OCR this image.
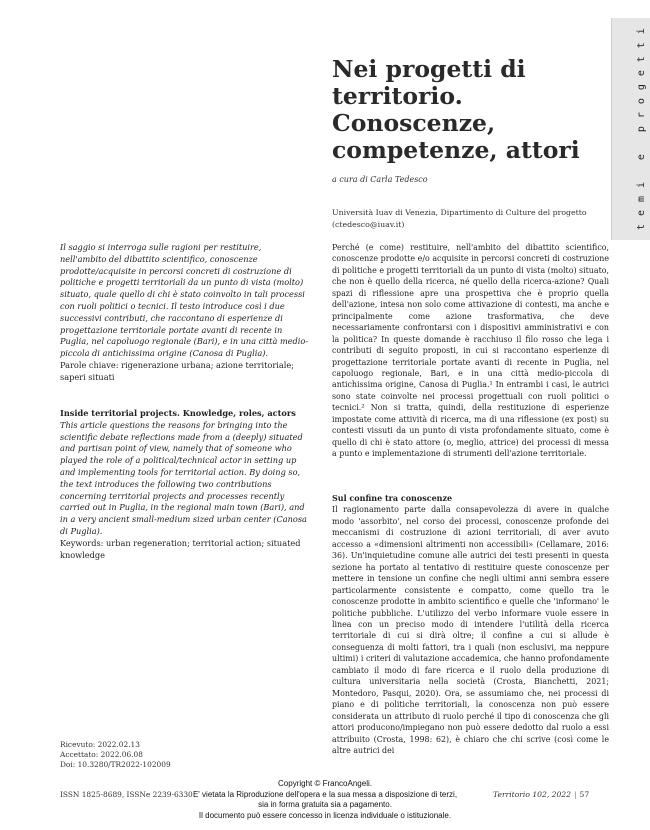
t
e
m
i

e

p
r
o
g
e
t
t
i
Nei progetti di territorio. Conoscenze, competenze, attori
a cura di Carla Tedesco
Università Iuav di Venezia, Dipartimento di Culture del progetto (ctedesco@iuav.it)

Il saggio si interroga sulle ragioni per restituire, nell'ambito del dibattito scientifico, conoscenze prodotte/acquisite in percorsi concreti di costruzione di politiche e progetti territoriali da un punto di vista (molto) situato, quale quello di chi è stato coinvolto in tali processi con ruoli politici o tecnici. Il testo introduce così i due successivi contributi, che raccontano di esperienze di progettazione territoriale portate avanti di recente in Puglia, nel capoluogo regionale (Bari), e in una città medio-piccola di antichissima origine (Canosa di Puglia).

Parole chiave: rigenerazione urbana; azione territoriale; saperi situati

Inside territorial projects. Knowledge, roles, actors

This article questions the reasons for bringing into the scientific debate reflections made from a (deeply) situated and partisan point of view, namely that of someone who played the role of a political/technical actor in setting up and implementing tools for territorial action. By doing so, the text introduces the following two contributions concerning territorial projects and processes recently carried out in Puglia, in the regional main town (Bari), and in a very ancient small-medium sized urban center (Canosa di Puglia).

Keywords: urban regeneration; territorial action; situated knowledge

Ricevuto: 2022.02.13
Accettato: 2022.06.08
Doi: 10.3280/TR2022-102009

Perché (e come) restituire, nell'ambito del dibattito scientifico, conoscenze prodotte e/o acquisite in percorsi concreti di costruzione di politiche e progetti territoriali da un punto di vista (molto) situato, che non è quello della ricerca, né quello della ricerca-azione? Quali spazi di riflessione apre una prospettiva che è proprio quella dell'azione, intesa non solo come attivazione di contesti, ma anche e principalmente come azione trasformativa, che deve necessariamente confrontarsi con i dispositivi amministrativi e con la politica? In queste domande è racchiuso il filo rosso che lega i contributi di seguito proposti, in cui si raccontano esperienze di progettazione territoriale portate avanti di recente in Puglia, nel capoluogo regionale, Bari, e in una città medio-piccola di antichissima origine, Canosa di Puglia.¹ In entrambi i casi, le autrici sono state coinvolte nei processi progettuali con ruoli politici o tecnici.² Non si tratta, quindi, della restituzione di esperienze impostate come attività di ricerca, ma di una riflessione (ex post) su contesti vissuti da un punto di vista profondamente situato, come è quello di chi è stato attore (o, meglio, attrice) dei processi di messa a punto e implementazione di strumenti dell'azione territoriale.

Sul confine tra conoscenze

Il ragionamento parte dalla consapevolezza di avere in qualche modo 'assorbito', nel corso dei processi, conoscenze profonde dei meccanismi di costruzione di azioni territoriali, di aver avuto accesso a «dimensioni altrimenti non accessibili» (Cellamare, 2016: 36). Un'inquietudine comune alle autrici dei testi presenti in questa sezione ha portato al tentativo di restituire queste conoscenze per mettere in tensione un confine che negli ultimi anni sembra essere particolarmente consistente e compatto, come quello tra le conoscenze prodotte in ambito scientifico e quelle che 'informano' le politiche pubbliche. L'utilizzo del verbo informare vuole essere in linea con un preciso modo di intendere l'utilità della ricerca territoriale di cui si dirà oltre; il confine a cui si allude è conseguenza di molti fattori, tra i quali (non esclusivi, ma neppure ultimi) i criteri di valutazione accademica, che hanno profondamente cambiato il modo di fare ricerca e il ruolo della produzione di cultura universitaria nella società (Crosta, Bianchetti, 2021; Montedoro, Pasqui, 2020). Ora, se assumiamo che, nei processi di piano e di politiche territoriali, la conoscenza non può essere considerata un attributo di ruolo perché il tipo di conoscenza che gli attori producono/impiegano non può essere dedotto dal ruolo a essi attribuito (Crosta, 1998: 62), è chiaro che chi scrive (così come le altre autrici dei

ISSN 1825-8689, ISSNe 2239-6330	Territorio 102, 2022 | 57
Copyright © FrancoAngeli.
E' vietata la Riproduzione dell'opera e la sua messa a disposizione di terzi,
sia in forma gratuita sia a pagamento.
Il documento può essere concesso in licenza individuale o istituzionale.
